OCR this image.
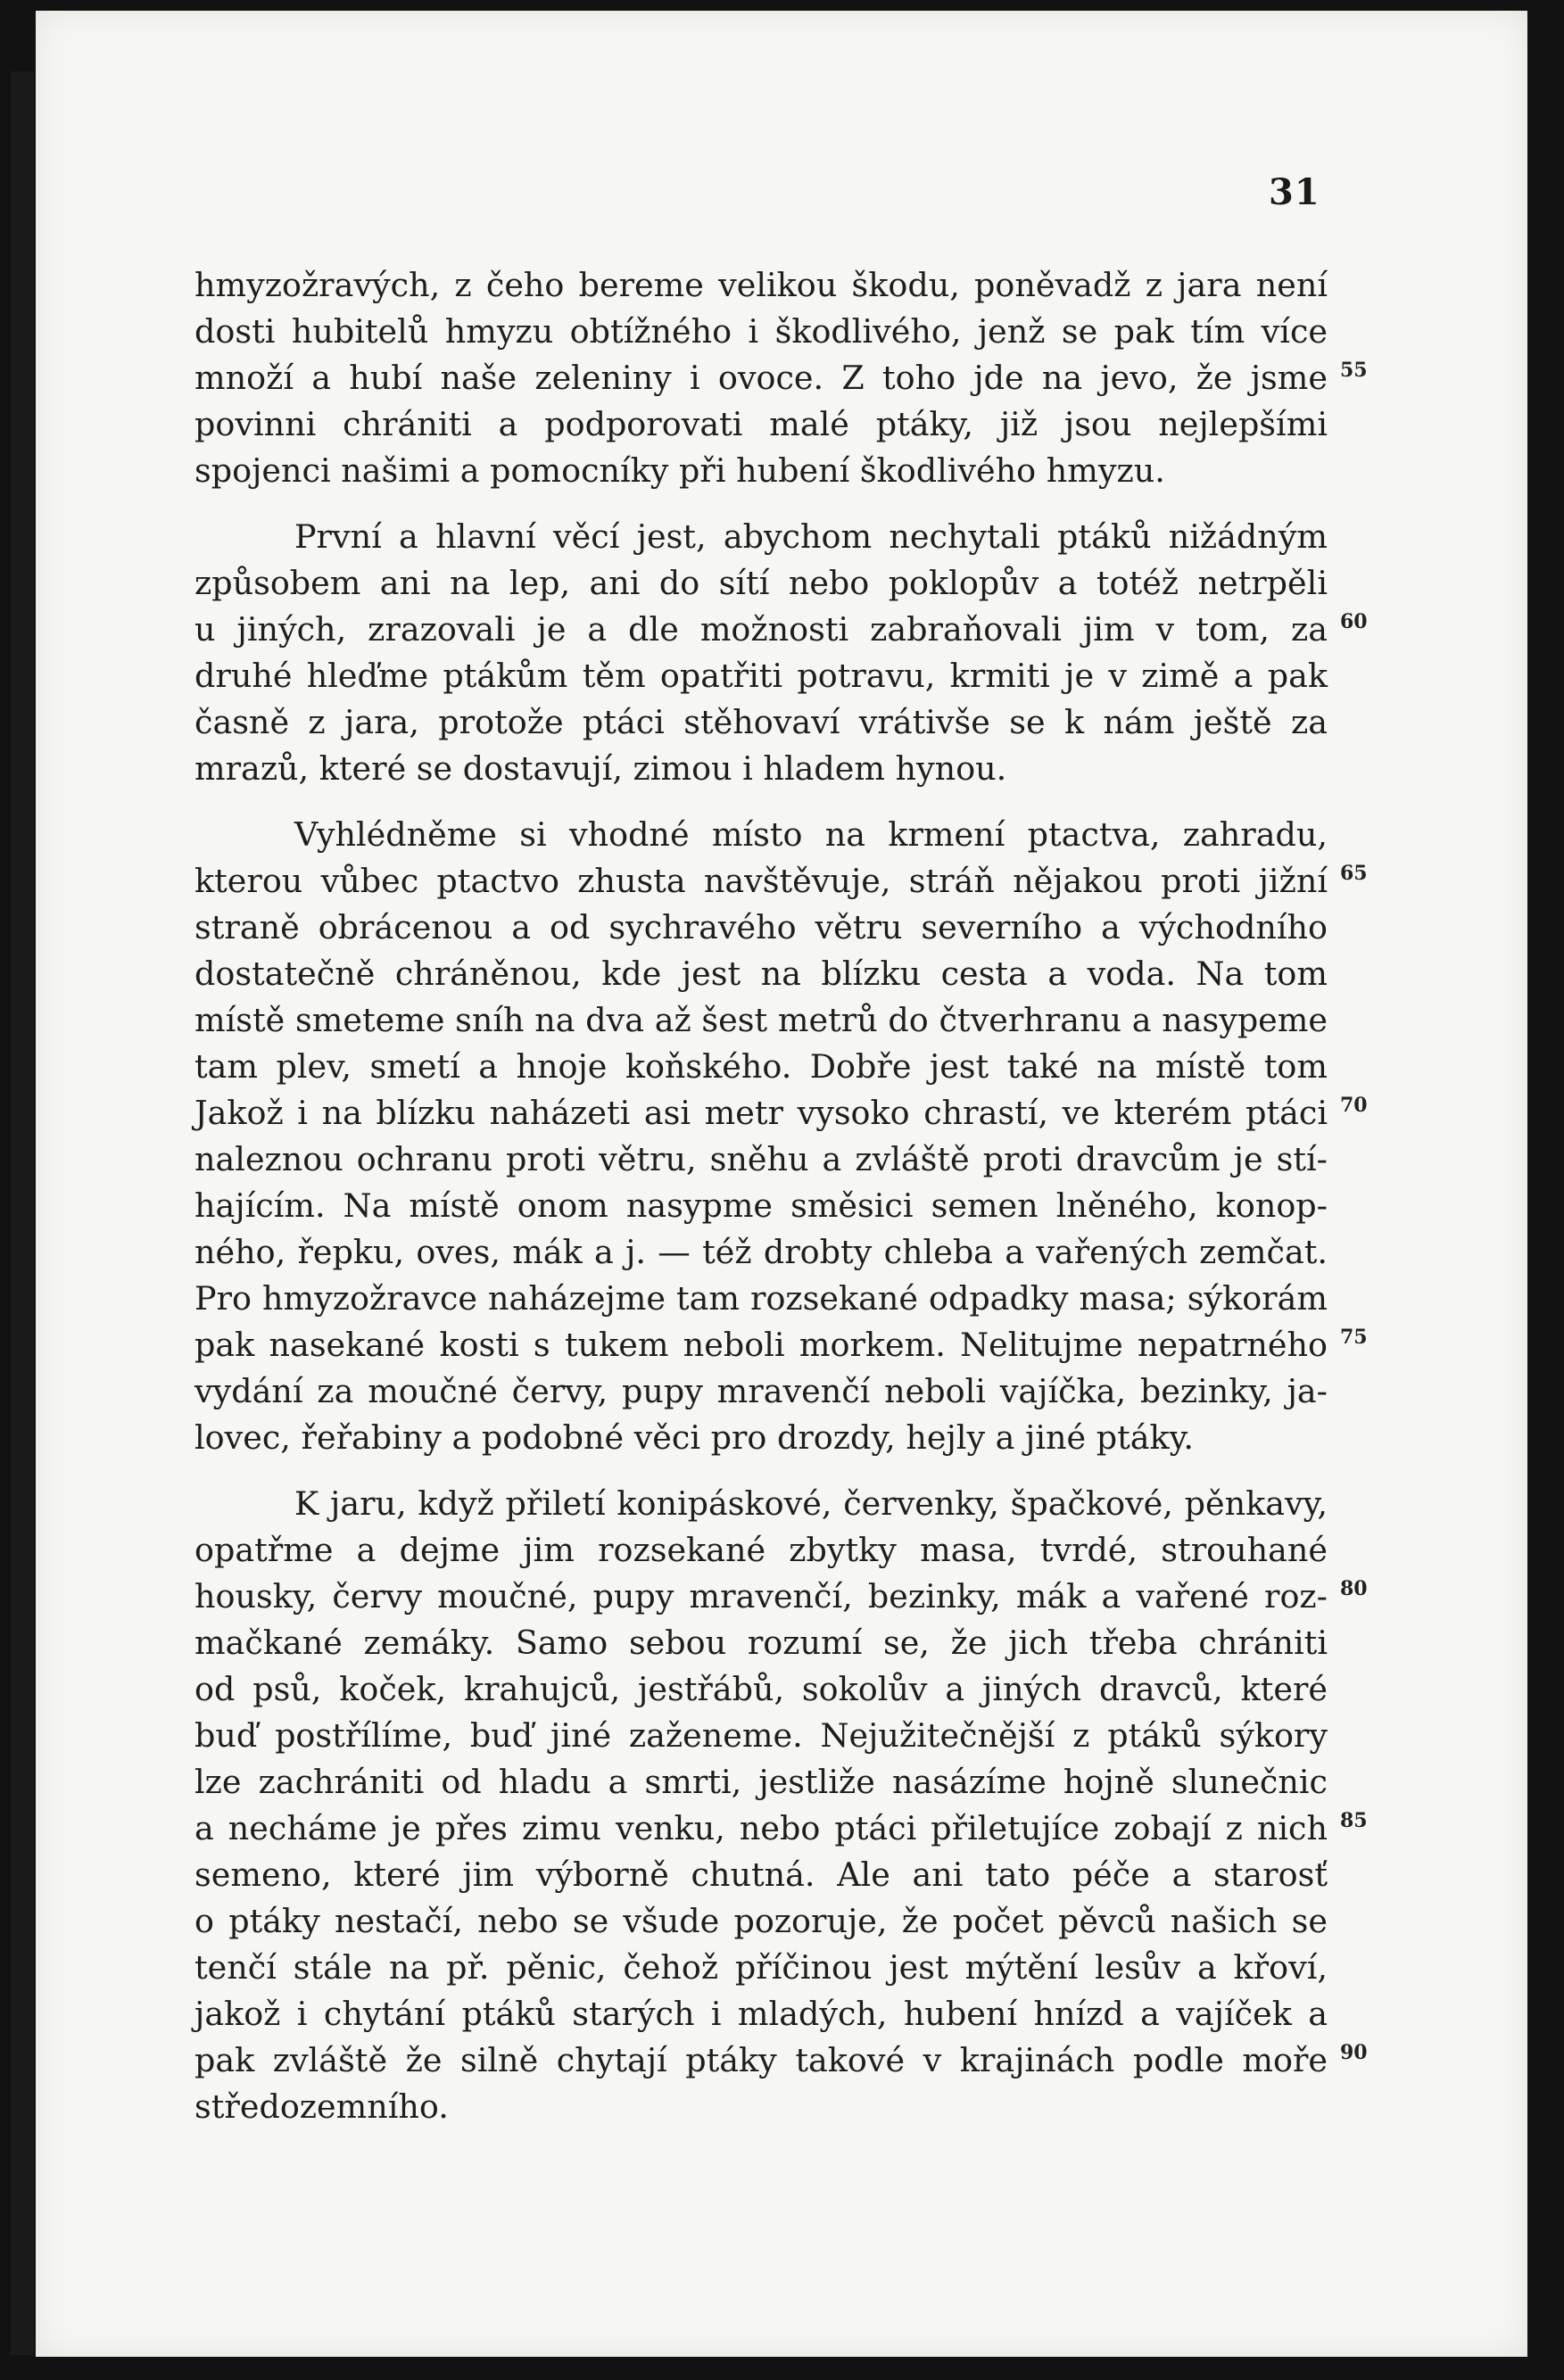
31
hmyzožravých, z čeho bereme velikou škodu, poněvadž z jara není
dosti hubitelů hmyzu obtížného i škodlivého, jenž se pak tím více
množí a hubí naše zeleniny i ovoce. Z toho jde na jevo, že jsme
povinni chrániti a podporovati malé ptáky, již jsou nejlepšími
spojenci našimi a pomocníky při hubení škodlivého hmyzu.
První a hlavní věcí jest, abychom nechytali ptáků nižádným
způsobem ani na lep, ani do sítí nebo poklopův a totéž netrpěli
u jiných, zrazovali je a dle možnosti zabraňovali jim v tom, za
druhé hleďme ptákům těm opatřiti potravu, krmiti je v zimě a pak
časně z jara, protože ptáci stěhovaví vrátivše se k nám ještě za
mrazů, které se dostavují, zimou i hladem hynou.
Vyhlédněme si vhodné místo na krmení ptactva, zahradu,
kterou vůbec ptactvo zhusta navštěvuje, stráň nějakou proti jižní
straně obrácenou a od sychravého větru severního a východního
dostatečně chráněnou, kde jest na blízku cesta a voda. Na tom
místě smeteme sníh na dva až šest metrů do čtverhranu a nasypeme
tam plev, smetí a hnoje koňského. Dobře jest také na místě tom
Jakož i na blízku naházeti asi metr vysoko chrastí, ve kterém ptáci
naleznou ochranu proti větru, sněhu a zvláště proti dravcům je stí-
hajícím. Na místě onom nasypme směsici semen lněného, konop-
ného, řepku, oves, mák a j. — též drobty chleba a vařených zemčat.
Pro hmyzožravce naházejme tam rozsekané odpadky masa; sýkorám
pak nasekané kosti s tukem neboli morkem. Nelitujme nepatrného
vydání za moučné červy, pupy mravenčí neboli vajíčka, bezinky, ja-
lovec, řeřabiny a podobné věci pro drozdy, hejly a jiné ptáky.
K jaru, když přiletí konipáskové, červenky, špačkové, pěnkavy,
opatřme a dejme jim rozsekané zbytky masa, tvrdé, strouhané
housky, červy moučné, pupy mravenčí, bezinky, mák a vařené roz-
mačkané zemáky. Samo sebou rozumí se, že jich třeba chrániti
od psů, koček, krahujců, jestřábů, sokolův a jiných dravců, které
buď postřílíme, buď jiné zaženeme. Nejužitečnější z ptáků sýkory
lze zachrániti od hladu a smrti, jestliže nasázíme hojně slunečnic
a necháme je přes zimu venku, nebo ptáci přiletujíce zobají z nich
semeno, které jim výborně chutná. Ale ani tato péče a starosť
o ptáky nestačí, nebo se všude pozoruje, že počet pěvců našich se
tenčí stále na př. pěnic, čehož příčinou jest mýtění lesův a křoví,
jakož i chytání ptáků starých i mladých, hubení hnízd a vajíček a
pak zvláště že silně chytají ptáky takové v krajinách podle moře
středozemního.
55
60
65
70
75
80
85
90
